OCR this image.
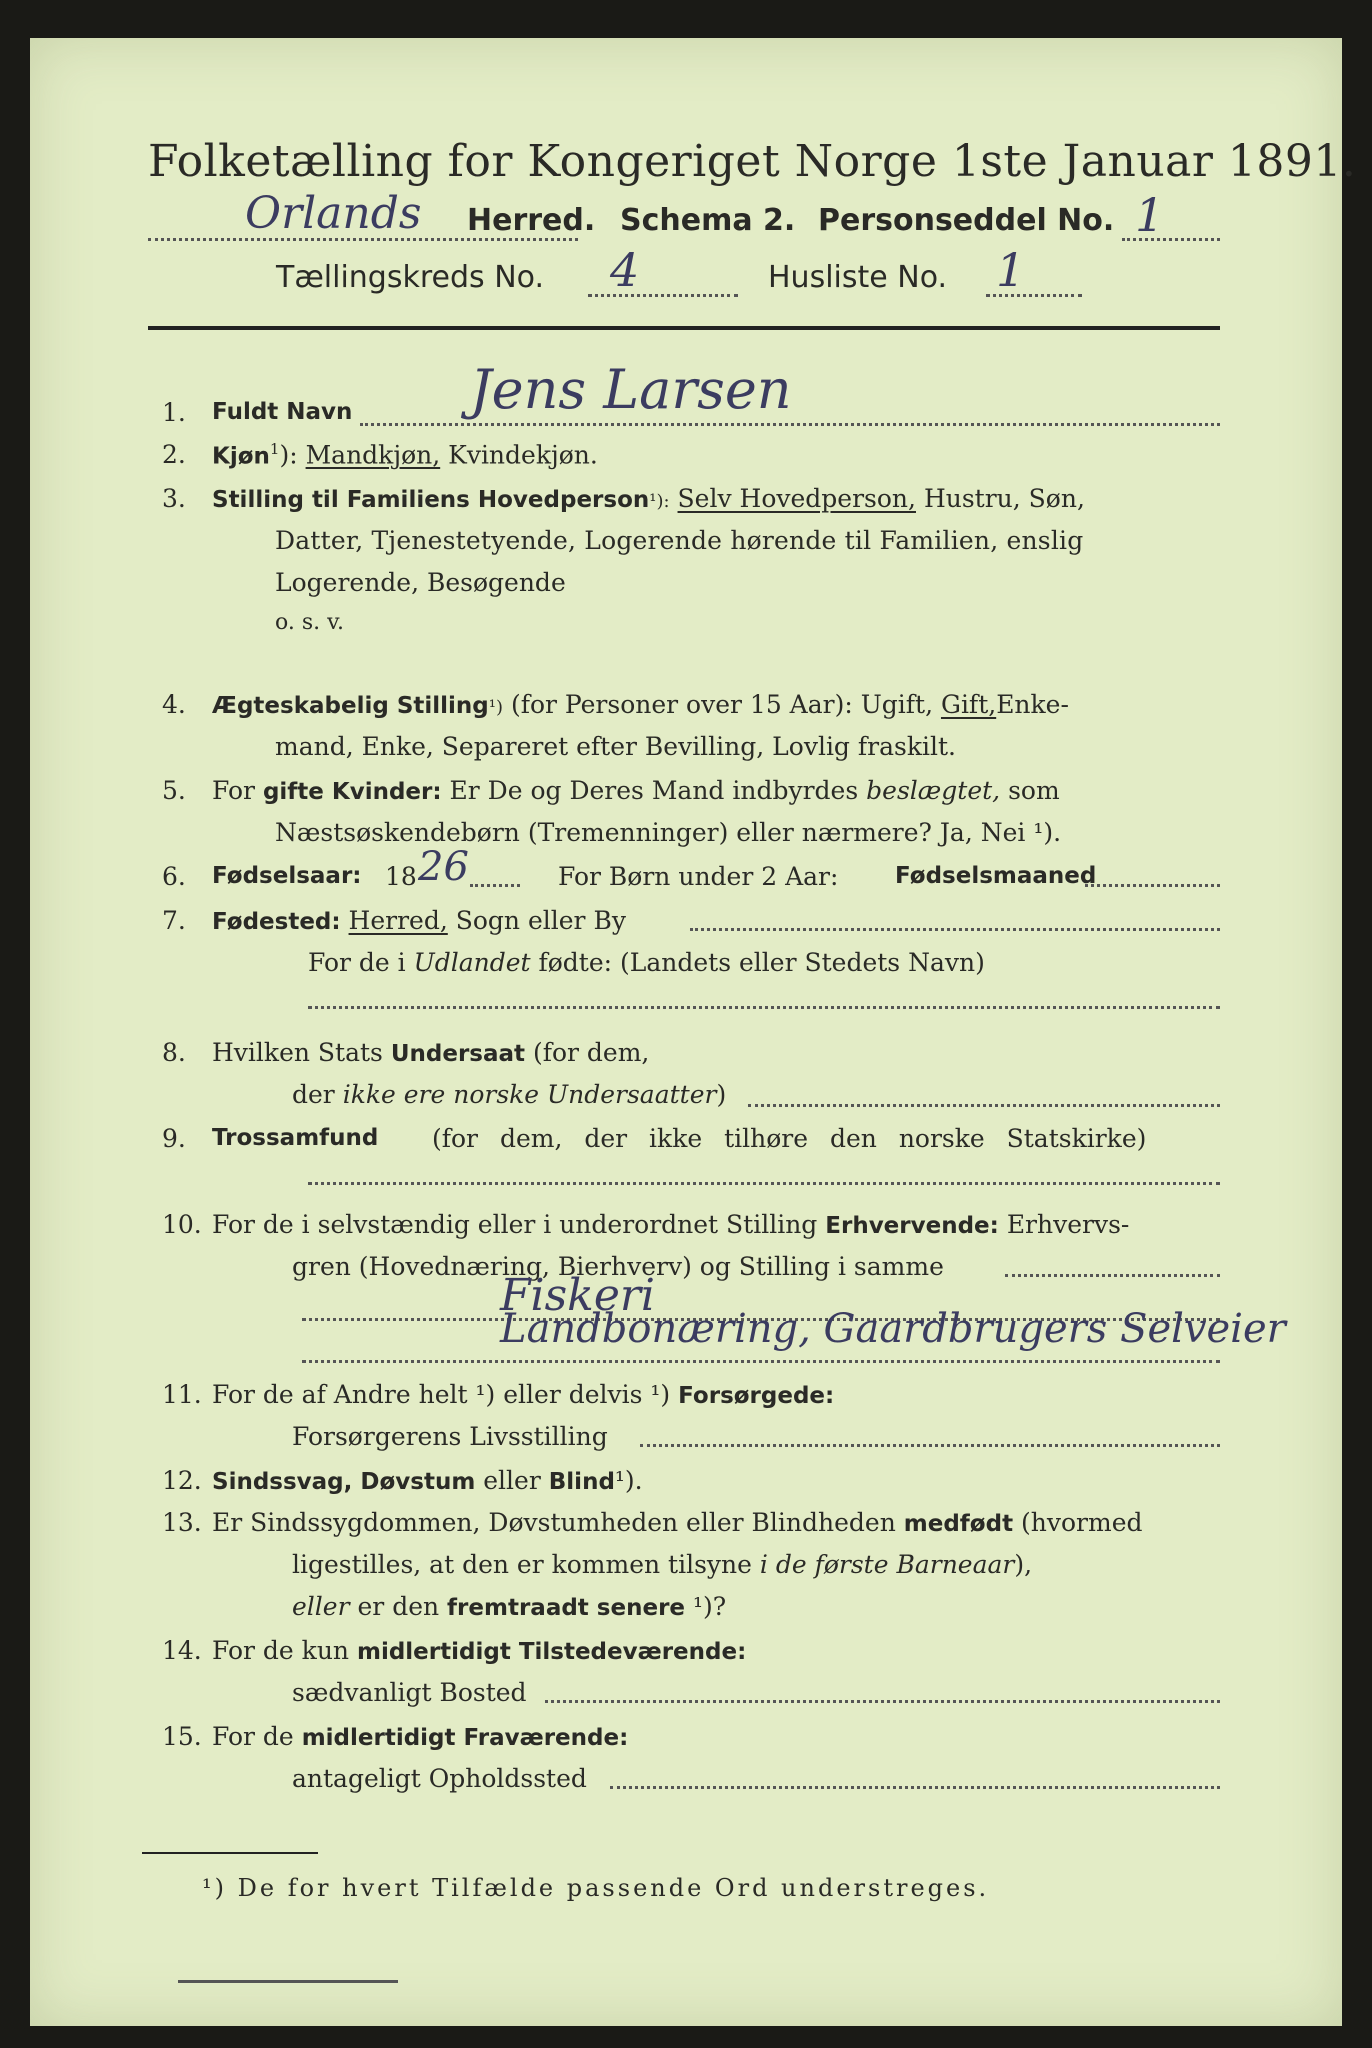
Folketælling for Kongeriget Norge 1ste Januar 1891.
Orlands Herred. Schema 2. Personseddel No. 1
Tællingskreds No. 4	Husliste No. 1
1. Fuldt Navn Jens Larsen
2. Kjøn$^1$): Mandkjøn, Kvindekjøn.
3. Stilling til Familiens Hovedperson¹): Selv Hovedperson, Hustru, Søn,
Datter, Tjenestetyende, Logerende hørende til Familien, enslig
Logerende, Besøgende
o. s. v.
4. Ægteskabelig Stilling¹) (for Personer over 15 Aar): Ugift, Gift,Enke-
mand, Enke, Separeret efter Bevilling, Lovlig fraskilt.
5. For gifte Kvinder: Er De og Deres Mand indbyrdes beslægtet, som
Næstsøskendebørn (Tremenninger) eller nærmere? Ja, Nei ¹).
6. Fødselsaar: 18 26	For Børn under 2 Aar: Fødselsmaaned
7. Fødested: Herred, Sogn eller By
For de i Udlandet fødte: (Landets eller Stedets Navn)
8. Hvilken Stats Undersaat (for dem,
der ikke ere norske Undersaatter)
9. Trossamfund (for dem, der ikke tilhøre den norske Statskirke)
10. For de i selvstændig eller i underordnet Stilling Erhvervende: Erhvervs-
gren (Hovednæring, Bierhverv) og Stilling i samme
Fiskeri
Landbonæring, Gaardbrugers Selveier
11. For de af Andre helt ¹) eller delvis ¹) Forsørgede:
Forsørgerens Livsstilling
12. Sindssvag, Døvstum eller Blind¹).
13. Er Sindssygdommen, Døvstumheden eller Blindheden medfødt (hvormed
ligestilles, at den er kommen tilsyne i de første Barneaar),
eller er den fremtraadt senere ¹)?
14. For de kun midlertidigt Tilstedeværende:
sædvanligt Bosted
15. For de midlertidigt Fraværende:
antageligt Opholdssted
¹) De for hvert Tilfælde passende Ord understreges.
